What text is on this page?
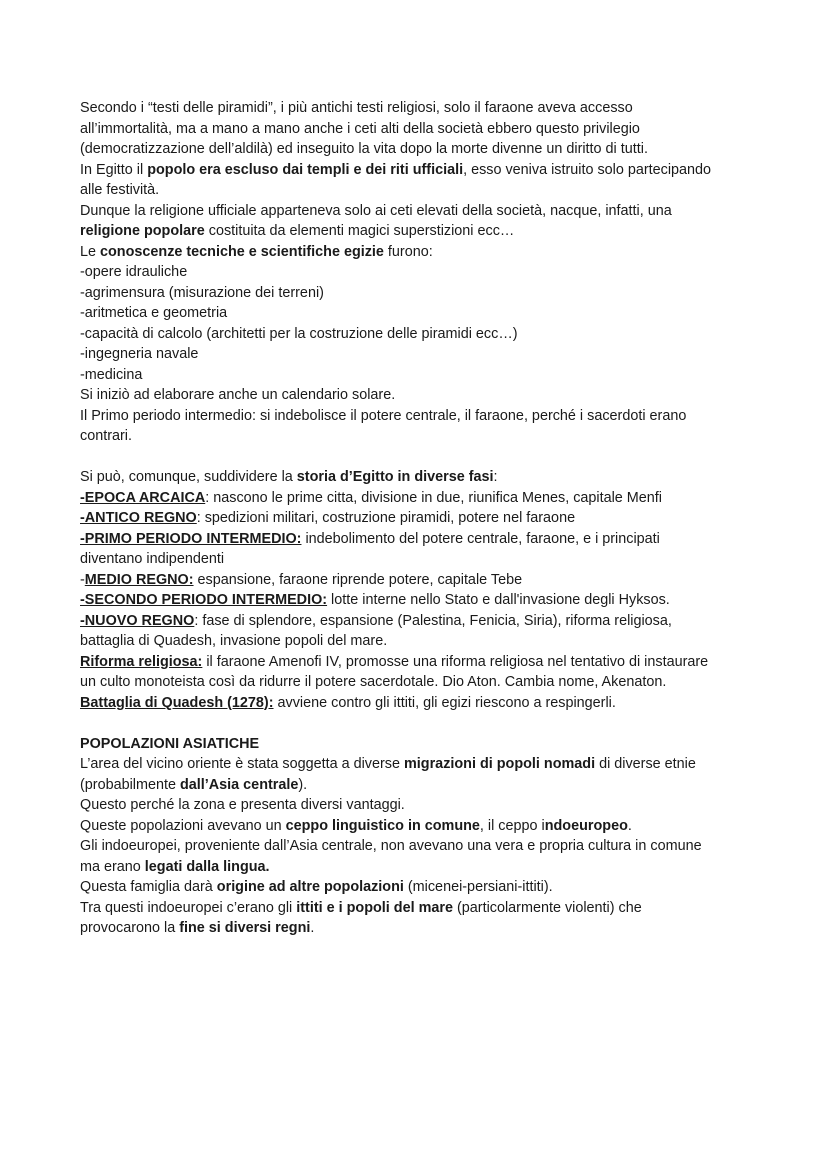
Secondo i “testi delle piramidi”, i più antichi testi religiosi, solo il faraone aveva accesso
all’immortalità, ma a mano a mano anche i ceti alti della società ebbero questo privilegio
(democratizzazione dell’aldilà) ed inseguito la vita dopo la morte divenne un diritto di tutti.
In Egitto il popolo era escluso dai templi e dei riti ufficiali, esso veniva istruito solo partecipando
alle festività.
Dunque la religione ufficiale apparteneva solo ai ceti elevati della società, nacque, infatti, una
religione popolare costituita da elementi magici superstizioni ecc…
Le conoscenze tecniche e scientifiche egizie furono:
-opere idrauliche
-agrimensura (misurazione dei terreni)
-aritmetica e geometria
-capacità di calcolo (architetti per la costruzione delle piramidi ecc…)
-ingegneria navale
-medicina
Si iniziò ad elaborare anche un calendario solare.
Il Primo periodo intermedio: si indebolisce il potere centrale, il faraone, perché i sacerdoti erano
contrari.
Si può, comunque, suddividere la storia d’Egitto in diverse fasi:
-EPOCA ARCAICA: nascono le prime citta, divisione in due, riunifica Menes, capitale Menfi
-ANTICO REGNO: spedizioni militari, costruzione piramidi, potere nel faraone
-PRIMO PERIODO INTERMEDIO: indebolimento del potere centrale, faraone, e i principati
diventano indipendenti
-MEDIO REGNO: espansione, faraone riprende potere, capitale Tebe
-SECONDO PERIODO INTERMEDIO: lotte interne nello Stato e dall'invasione degli Hyksos.
-NUOVO REGNO: fase di splendore, espansione (Palestina, Fenicia, Siria), riforma religiosa,
battaglia di Quadesh, invasione popoli del mare.
Riforma religiosa: il faraone Amenofi IV, promosse una riforma religiosa nel tentativo di instaurare
un culto monoteista così da ridurre il potere sacerdotale. Dio Aton. Cambia nome, Akenaton.
Battaglia di Quadesh (1278): avviene contro gli ittiti, gli egizi riescono a respingerli.
POPOLAZIONI ASIATICHE
L’area del vicino oriente è stata soggetta a diverse migrazioni di popoli nomadi di diverse etnie
(probabilmente dall’Asia centrale).
Questo perché la zona e presenta diversi vantaggi.
Queste popolazioni avevano un ceppo linguistico in comune, il ceppo indoeuropeo.
Gli indoeuropei, proveniente dall’Asia centrale, non avevano una vera e propria cultura in comune
ma erano legati dalla lingua.
Questa famiglia darà origine ad altre popolazioni (micenei-persiani-ittiti).
Tra questi indoeuropei c’erano gli ittiti e i popoli del mare (particolarmente violenti) che
provocarono la fine si diversi regni.
